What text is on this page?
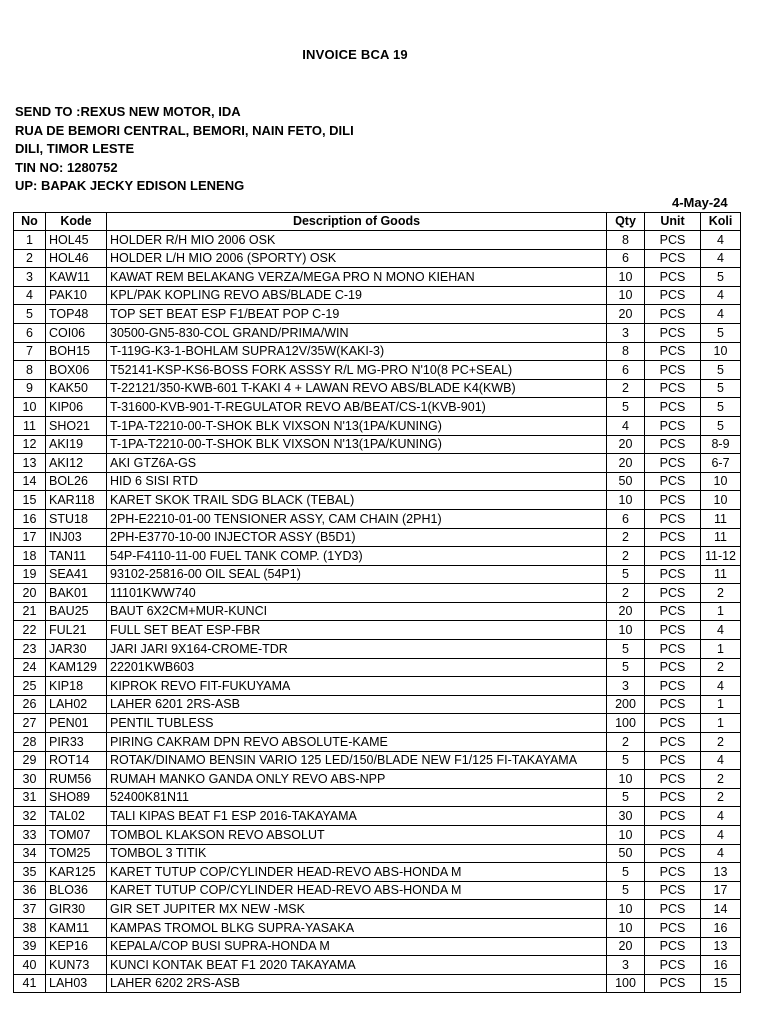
INVOICE BCA 19
SEND TO :REXUS NEW MOTOR, IDA
RUA DE BEMORI CENTRAL, BEMORI, NAIN FETO, DILI
DILI, TIMOR LESTE
TIN NO: 1280752
UP: BAPAK JECKY EDISON LENENG
4-May-24
No	Kode	Description of Goods	Qty	Unit	Koli
1	HOL45	HOLDER R/H MIO 2006 OSK	8	PCS	4
2	HOL46	HOLDER L/H MIO 2006 (SPORTY) OSK	6	PCS	4
3	KAW11	KAWAT REM BELAKANG VERZA/MEGA PRO N MONO KIEHAN	10	PCS	5
4	PAK10	KPL/PAK KOPLING REVO ABS/BLADE C-19	10	PCS	4
5	TOP48	TOP SET BEAT ESP F1/BEAT POP C-19	20	PCS	4
6	COI06	30500-GN5-830-COL GRAND/PRIMA/WIN	3	PCS	5
7	BOH15	T-119G-K3-1-BOHLAM SUPRA12V/35W(KAKI-3)	8	PCS	10
8	BOX06	T52141-KSP-KS6-BOSS FORK ASSSY R/L MG-PRO N'10(8 PC+SEAL)	6	PCS	5
9	KAK50	T-22121/350-KWB-601 T-KAKI 4 + LAWAN REVO ABS/BLADE K4(KWB)	2	PCS	5
10	KIP06	T-31600-KVB-901-T-REGULATOR REVO AB/BEAT/CS-1(KVB-901)	5	PCS	5
11	SHO21	T-1PA-T2210-00-T-SHOK BLK VIXSON N'13(1PA/KUNING)	4	PCS	5
12	AKI19	T-1PA-T2210-00-T-SHOK BLK VIXSON N'13(1PA/KUNING)	20	PCS	8-9
13	AKI12	AKI GTZ6A-GS	20	PCS	6-7
14	BOL26	HID 6 SISI RTD	50	PCS	10
15	KAR118	KARET SKOK TRAIL SDG BLACK (TEBAL)	10	PCS	10
16	STU18	2PH-E2210-01-00 TENSIONER ASSY, CAM CHAIN (2PH1)	6	PCS	11
17	INJ03	2PH-E3770-10-00 INJECTOR ASSY (B5D1)	2	PCS	11
18	TAN11	54P-F4110-11-00 FUEL TANK COMP. (1YD3)	2	PCS	11-12
19	SEA41	93102-25816-00 OIL SEAL (54P1)	5	PCS	11
20	BAK01	11101KWW740	2	PCS	2
21	BAU25	BAUT 6X2CM+MUR-KUNCI	20	PCS	1
22	FUL21	FULL SET BEAT ESP-FBR	10	PCS	4
23	JAR30	JARI JARI 9X164-CROME-TDR	5	PCS	1
24	KAM129	22201KWB603	5	PCS	2
25	KIP18	KIPROK REVO FIT-FUKUYAMA	3	PCS	4
26	LAH02	LAHER 6201 2RS-ASB	200	PCS	1
27	PEN01	PENTIL TUBLESS	100	PCS	1
28	PIR33	PIRING CAKRAM DPN REVO ABSOLUTE-KAME	2	PCS	2
29	ROT14	ROTAK/DINAMO BENSIN VARIO 125 LED/150/BLADE NEW F1/125 FI-TAKAYAMA	5	PCS	4
30	RUM56	RUMAH MANKO GANDA ONLY REVO ABS-NPP	10	PCS	2
31	SHO89	52400K81N11	5	PCS	2
32	TAL02	TALI KIPAS BEAT F1 ESP 2016-TAKAYAMA	30	PCS	4
33	TOM07	TOMBOL KLAKSON REVO ABSOLUT	10	PCS	4
34	TOM25	TOMBOL 3 TITIK	50	PCS	4
35	KAR125	KARET TUTUP COP/CYLINDER HEAD-REVO ABS-HONDA M	5	PCS	13
36	BLO36	KARET TUTUP COP/CYLINDER HEAD-REVO ABS-HONDA M	5	PCS	17
37	GIR30	GIR SET JUPITER MX NEW -MSK	10	PCS	14
38	KAM11	KAMPAS TROMOL BLKG SUPRA-YASAKA	10	PCS	16
39	KEP16	KEPALA/COP BUSI SUPRA-HONDA M	20	PCS	13
40	KUN73	KUNCI KONTAK BEAT F1 2020 TAKAYAMA	3	PCS	16
41	LAH03	LAHER 6202 2RS-ASB	100	PCS	15
